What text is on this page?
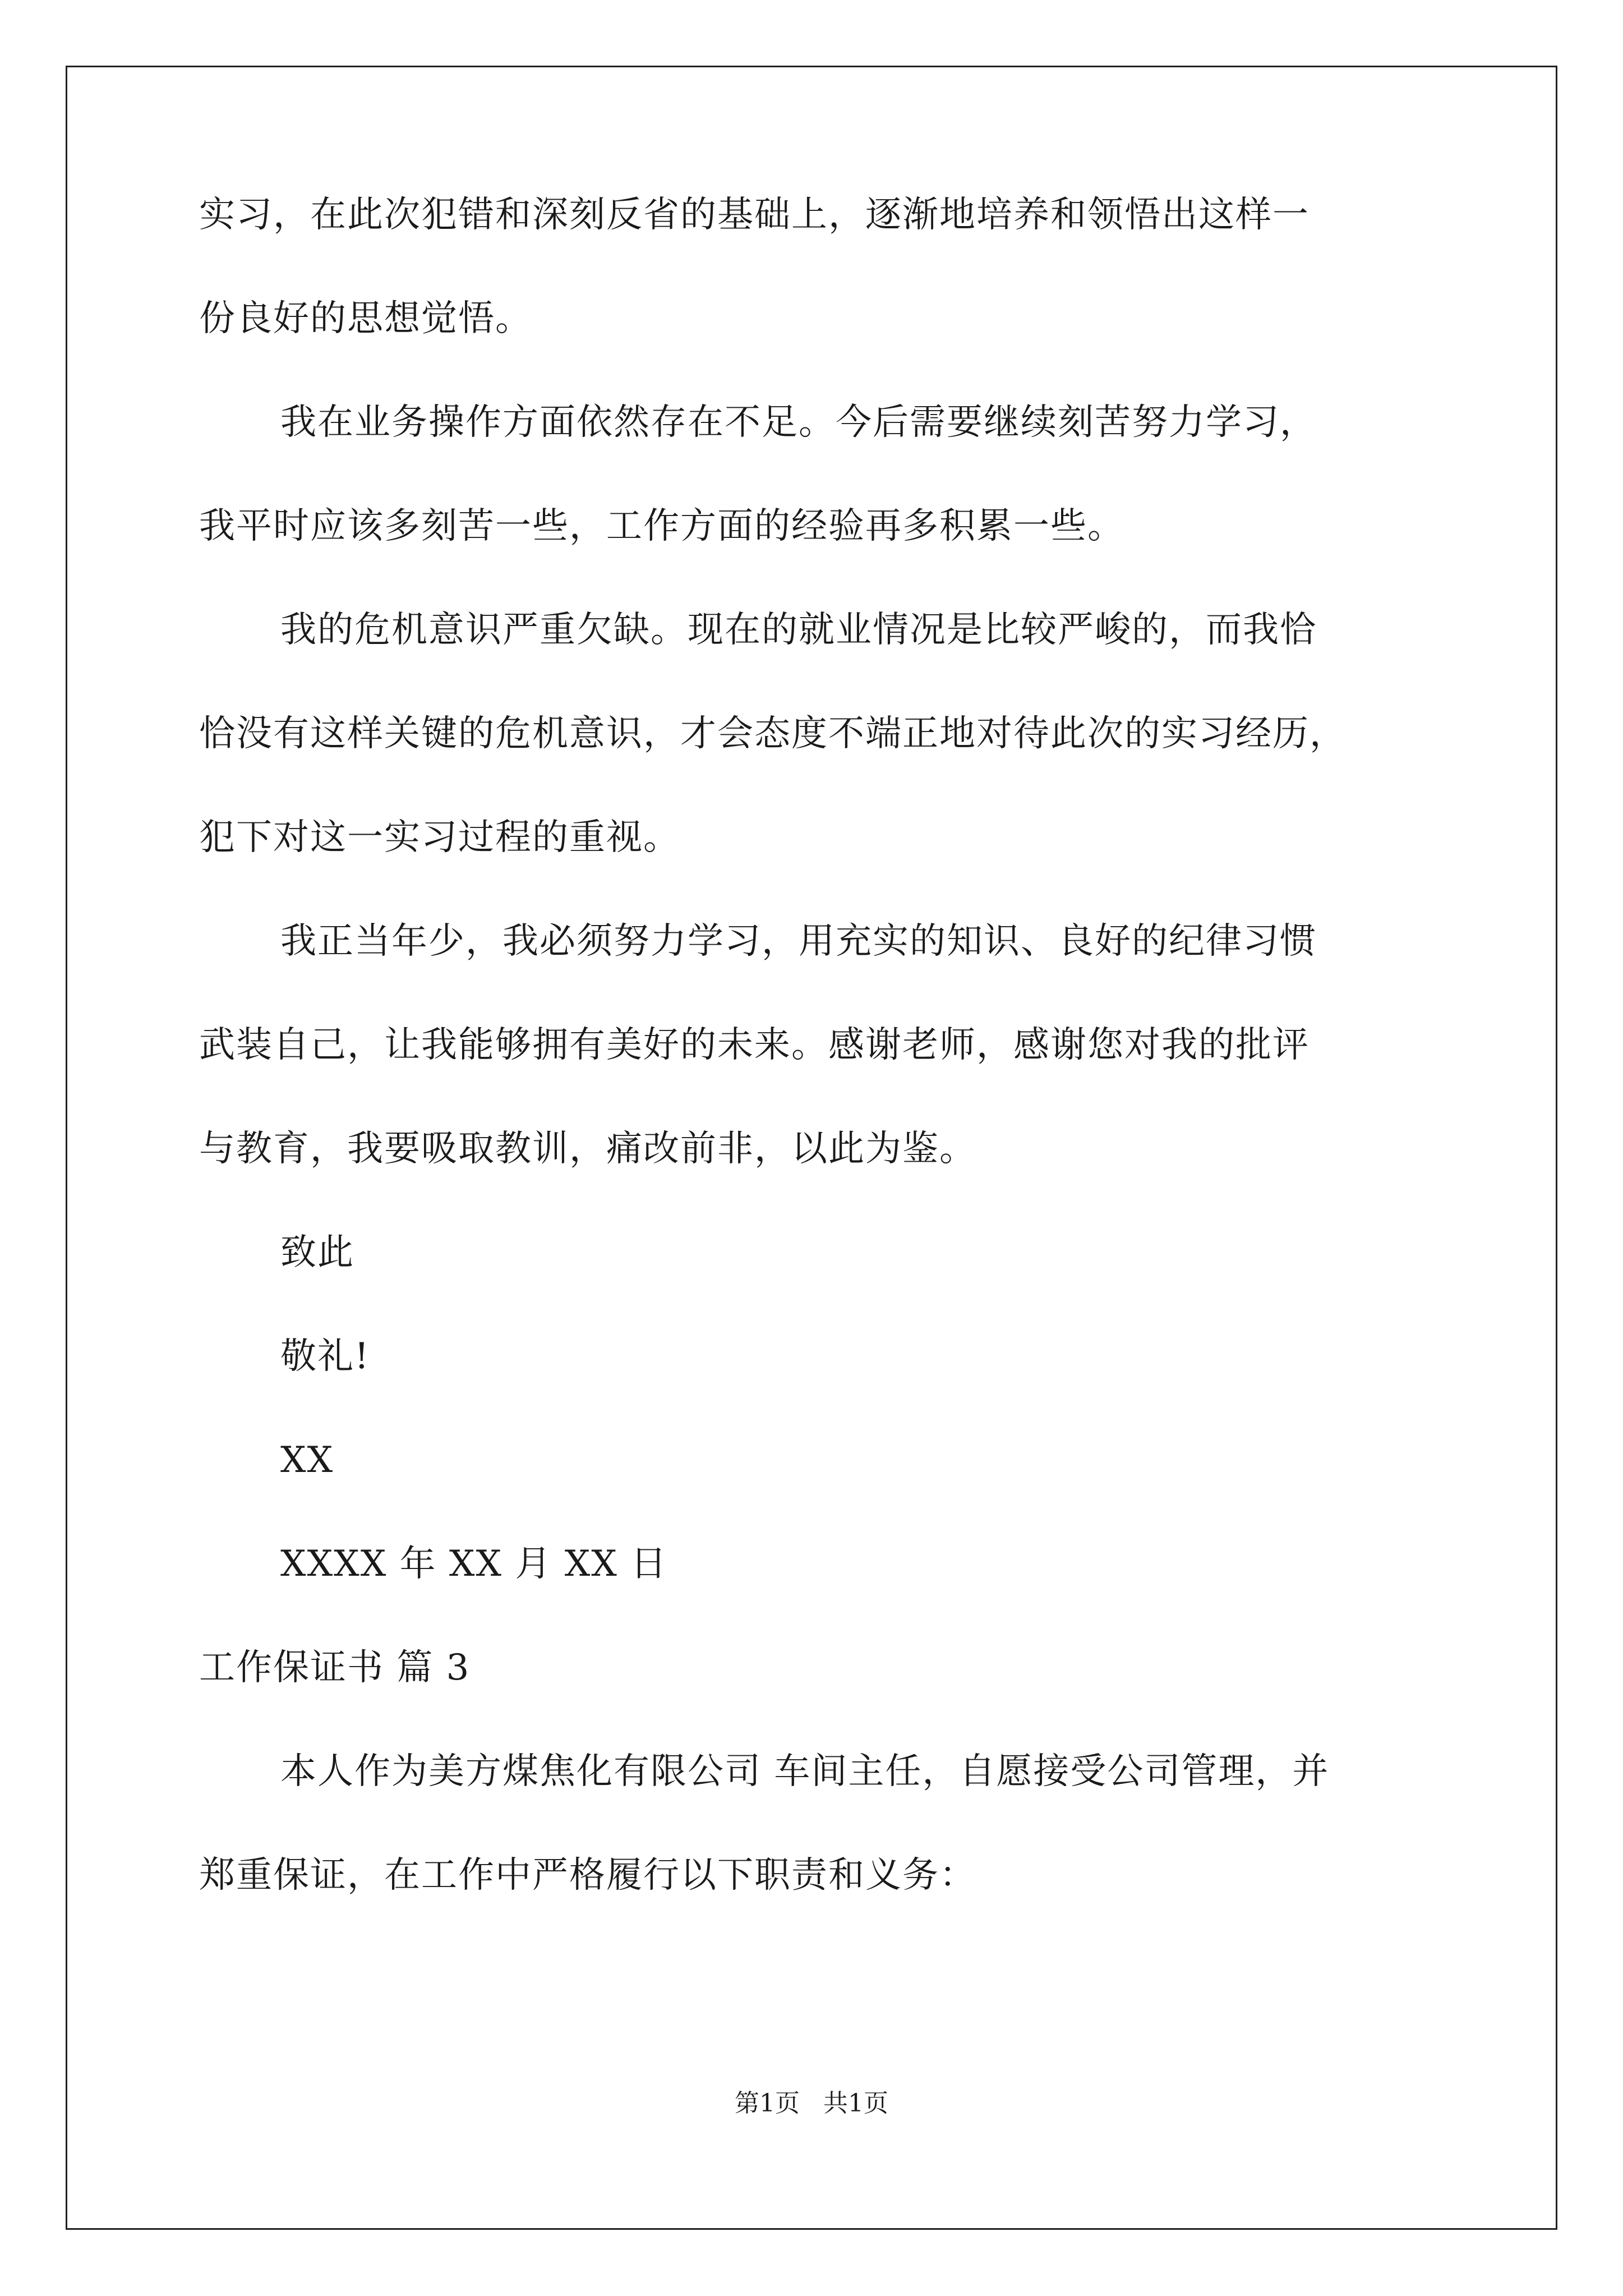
实习，在此次犯错和深刻反省的基础上，逐渐地培养和领悟出这样一
份良好的思想觉悟。
我在业务操作方面依然存在不足。今后需要继续刻苦努力学习，
我平时应该多刻苦一些，工作方面的经验再多积累一些。
我的危机意识严重欠缺。现在的就业情况是比较严峻的，而我恰
恰没有这样关键的危机意识，才会态度不端正地对待此次的实习经历，
犯下对这一实习过程的重视。
我正当年少，我必须努力学习，用充实的知识、良好的纪律习惯
武装自己，让我能够拥有美好的未来。感谢老师，感谢您对我的批评
与教育，我要吸取教训，痛改前非，以此为鉴。
致此
敬礼!
XX
XXXX 年 XX 月 XX 日
工作保证书 篇 3
本人作为美方煤焦化有限公司 车间主任，自愿接受公司管理，并
郑重保证，在工作中严格履行以下职责和义务：
第1页   共1页
